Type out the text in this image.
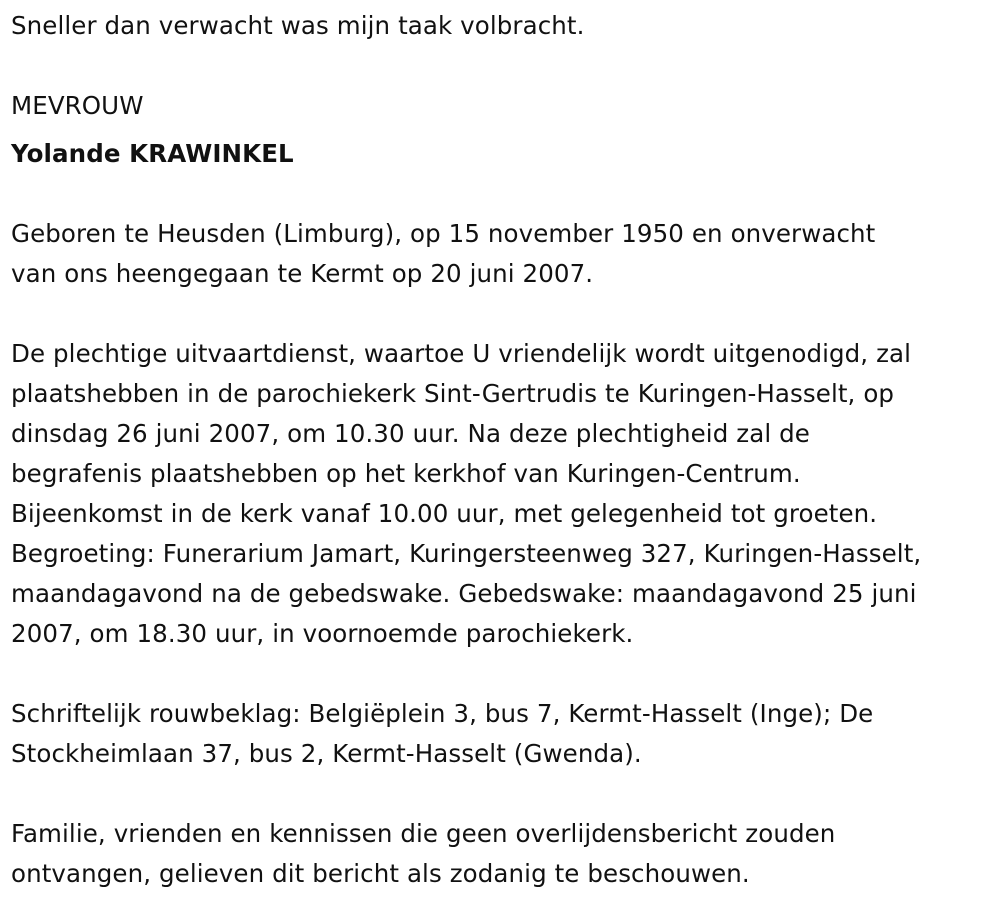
Sneller dan verwacht was mijn taak volbracht.

MEVROUW

Yolande KRAWINKEL

Geboren te Heusden (Limburg), op 15 november 1950 en onverwacht
van ons heengegaan te Kermt op 20 juni 2007.

De plechtige uitvaartdienst, waartoe U vriendelijk wordt uitgenodigd, zal
plaatshebben in de parochiekerk Sint-Gertrudis te Kuringen-Hasselt, op
dinsdag 26 juni 2007, om 10.30 uur. Na deze plechtigheid zal de
begrafenis plaatshebben op het kerkhof van Kuringen-Centrum.
Bijeenkomst in de kerk vanaf 10.00 uur, met gelegenheid tot groeten.
Begroeting: Funerarium Jamart, Kuringersteenweg 327, Kuringen-Hasselt,
maandagavond na de gebedswake. Gebedswake: maandagavond 25 juni
2007, om 18.30 uur, in voornoemde parochiekerk.

Schriftelijk rouwbeklag: Belgiëplein 3, bus 7, Kermt-Hasselt (Inge); De
Stockheimlaan 37, bus 2, Kermt-Hasselt (Gwenda).

Familie, vrienden en kennissen die geen overlijdensbericht zouden
ontvangen, gelieven dit bericht als zodanig te beschouwen.
